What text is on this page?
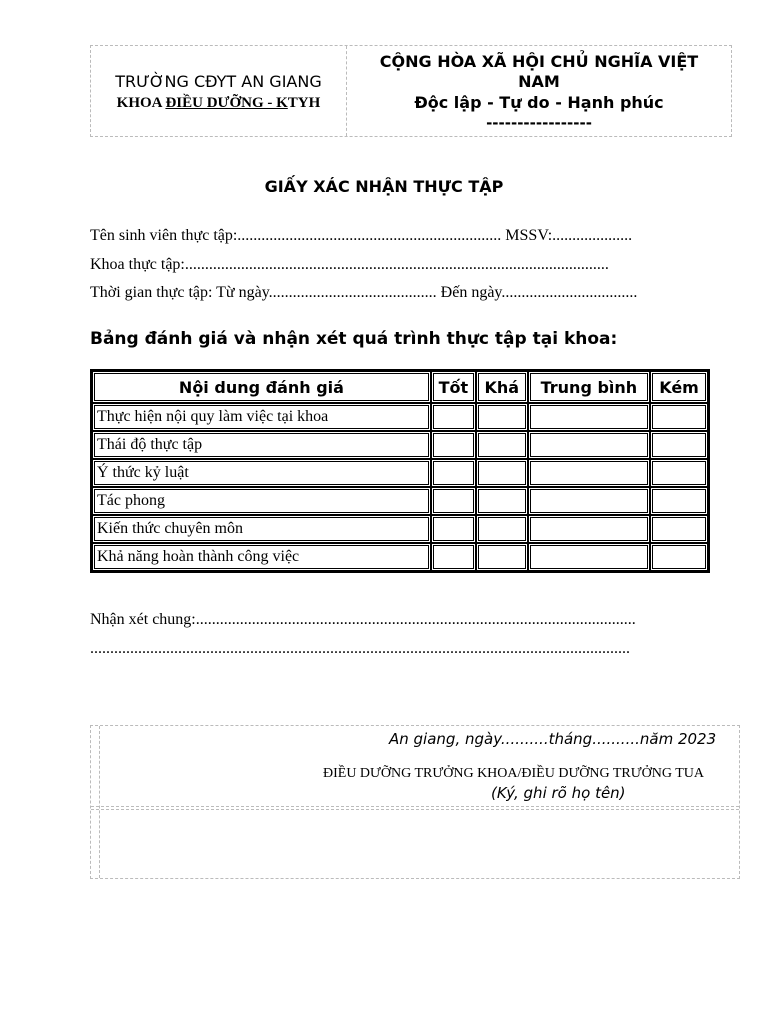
TRƯỜNG CĐYT AN GIANG
KHOA ĐIỀU DƯỠNG - KTYH
CỘNG HÒA XÃ HỘI CHỦ NGHĨA VIỆT NAM
Độc lập - Tự do - Hạnh phúc
-----------------
GIẤY XÁC NHẬN THỰC TẬP
Tên sinh viên thực tập:.................................................................. MSSV:....................
Khoa thực tập:..........................................................................................................
Thời gian thực tập: Từ ngày.......................................... Đến ngày..................................
Bảng đánh giá và nhận xét quá trình thực tập tại khoa:
Nội dung đánh giá	Tốt	Khá	Trung bình	Kém
Thực hiện nội quy làm việc tại khoa				
Thái độ thực tập				
Ý thức kỷ luật				
Tác phong				
Kiến thức chuyên môn				
Khả năng hoàn thành công việc				
Nhận xét chung:..............................................................................................................
.......................................................................................................................................
An giang, ngày..........tháng..........năm 2023
ĐIỀU DƯỠNG TRƯỞNG KHOA/ĐIỀU DƯỠNG TRƯỞNG TUA
(Ký, ghi rõ họ tên)
